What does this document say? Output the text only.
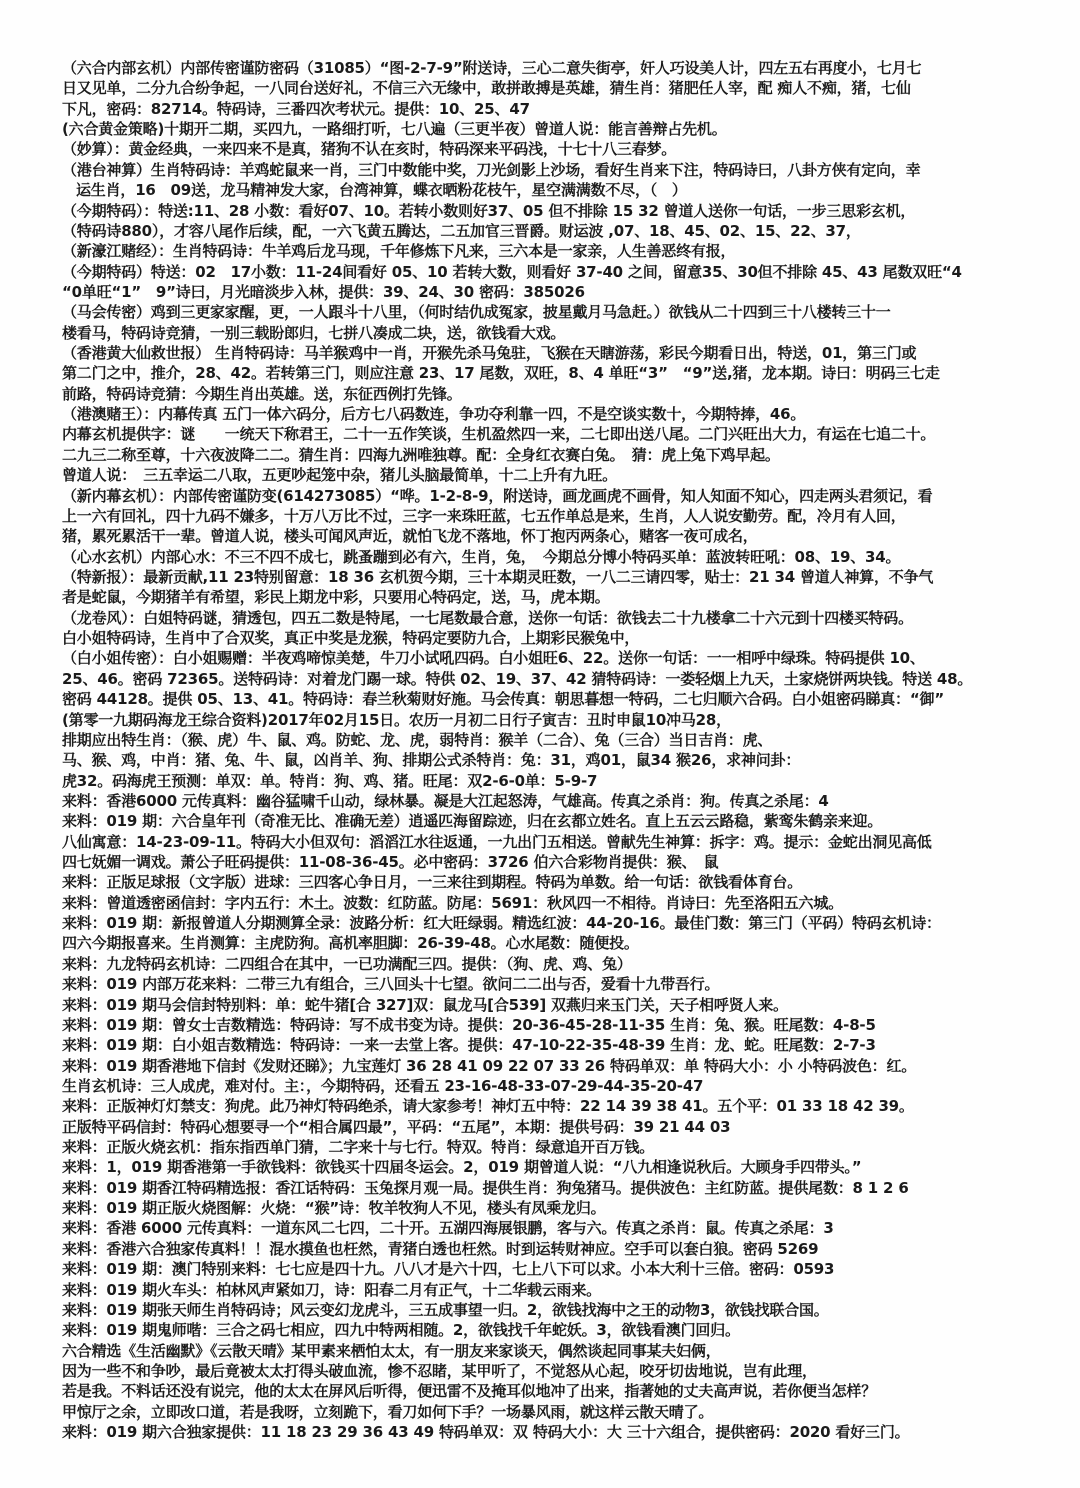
（六合内部玄机）内部传密谨防密码（31085）“图-2-7-9”附送诗，三心二意失街亭，奸人巧设美人计，四左五右再度小，七月七
日又见单，二分九合纷争起，一八同台送好礼，不信三六无缘中，敢拼敢搏是英雄，猜生肖：猪肥任人宰，配 痴人不痴，猪，七仙
下凡，密码：82714。特码诗，三番四次考状元。提供：10、25、47
(六合黄金策略)十期开二期，买四九，一路细打听，七八遍（三更半夜）曾道人说：能言善辩占先机。
（妙算）：黄金经典，一来四来不是真，猪狗不认在亥时，特码深来平码浅，十七十八三春梦。
（港台神算）生肖特码诗：羊鸡蛇鼠来一肖，三门中数能中奖，刀光剑影上沙场，看好生肖来下注，特码诗曰，八卦方侠有定向，幸
运生肖，16　09送，龙马精神发大家，台湾神算，蝶衣晒粉花枝午，星空满满数不尽，（　）
（今期特码）：特送:11、28 小数：看好07、10。若转小数则好37、05 但不排除 15 32 曾道人送你一句话，一步三思彩玄机，
（特码诗880），才容八尾作后续，配，一六飞黄五腾达，二五加官三晋爵。财运波 ,07、18、45、02、15、22、37，
（新濠江赌经）：生肖特码诗：牛羊鸡后龙马现，千年修炼下凡来，三六本是一家亲，人生善恶终有报，
（今期特码）特送：02　17小数：11-24间看好 05、10 若转大数，则看好 37-40 之间，留意35、30但不排除 45、43 尾数双旺“4
“0单旺“1”　9”诗曰，月光暗淡步入林，提供：39、24、30 密码：385026
（马会传密）鸡到三更家家醒，更，一人跟斗十八里，（何时结仇成冤家，披星戴月马急赶。）欲钱从二十四到三十八楼转三十一
楼看马，特码诗竞猜，一别三载盼郎归，七拼八凑成二块，送，欲钱看大戏。
（香港黄大仙救世报） 生肖特码诗：马羊猴鸡中一肖，开猴先杀马兔驻，飞猴在天瞎游荡，彩民今期看日出，特送，01，第三门或
第二门之中，推介，28、42。若转第三门，则应注意 23、17 尾数，双旺，8、4 单旺“3”　“9”送,猪，龙本期。诗曰：明码三七走
前路，特码诗竞猜：今期生肖出英雄。送，东征西例打先锋。
（港澳赌王）：内幕传真 五门一体六码分，后方七八码数连，争功夺利靠一四，不是空谈实数十，今期特捧，46。
内幕玄机提供字：谜　　一统天下称君王，二十一五作笑谈，生机盈然四一来，二七即出送八尾。二门兴旺出大力，有运在七追二十。
二九三二称至尊，十六夜波降二二。猜生肖：四海九洲唯独尊。配：全身红衣赛白兔。　猜：虎上兔下鸡早起。
曾道人说：　三五幸运二八取，五更吵起笼中杂，猪儿头脑最简单，十二上升有九旺。
（新内幕玄机）：内部传密谨防变(614273085）“哗。1-2-8-9，附送诗，画龙画虎不画骨，知人知面不知心，四走两头君须记，看
上一六有回礼，四十九码不嫌多，十万八万比不过，三字一来珠旺蓝，七五作单总是来，生肖，人人说安勤劳。配，冷月有人回，
猪，累死累活干一辈。曾道人说，楼头可闻风声近，就怕飞龙不落地，怀丁抱丙两条心，赌客一夜可成名，
（心水玄机）内部心水：不三不四不成七，跳蚤蹦到必有六，生肖，兔，　今期总分博小特码买单：蓝波转旺吼：08、19、34。
（特新报）：最新贡献,11 23特别留意：18 36 玄机贺今期，三十本期灵旺数，一八二三请四零，贴士：21 34 曾道人神算，不争气
者是蛇鼠，今期猪羊有希望，彩民上期龙中彩，只要用心特码定，送，马，虎本期。
（龙卷风）：白姐特码谜，猜透包，四五二数是特尾，一七尾数最合意，送你一句话：欲钱去二十九楼拿二十六元到十四楼买特码。
白小姐特码诗，生肖中了合双奖，真正中奖是龙猴，特码定要防九合，上期彩民猴兔中，
（白小姐传密）：白小姐赐赠：半夜鸡啼惊美楚，牛刀小试吼四码。白小姐旺6、22。送你一句话：一一相呼中绿珠。特码提供 10、
25、46。密码 72365。送特码诗：对着龙门踢一球。特供 02、19、37、42 猜特码诗：一娄轻烟上九天，土家烧饼两块钱。特送 48。
密码 44128。提供 05、13、41。特码诗：春兰秋菊财好施。马会传真：朝思暮想一特码，二七归顺六合码。白小姐密码睇真：“御”
(第零一九期码海龙王综合资料)2017年02月15日。农历一月初二日行子寅吉：丑时申鼠10冲马28，
排期应出特生肖：（猴、虎）牛、鼠、鸡。防蛇、龙、虎，弱特肖：猴羊（二合）、兔（三合）当日吉肖：虎、
马、猴、鸡，中肖：猪、兔、牛、鼠，凶肖羊、狗、排期公式杀特肖：兔：31，鸡01，鼠34 猴26，求神问卦：
虎32。码海虎王预测：单双：单。特肖：狗、鸡、猪。旺尾：双2-6-0单：5-9-7
来料：香港6000 元传真料：幽谷猛啸千山动，绿林暴。凝是大江起怒涛，气雄高。传真之杀肖：狗。传真之杀尾：4
来料：019 期：六合皇年刊（奇准无比、准确无差）逍遥匹海留踪迹，归在玄都立姓名。直上五云云路稳，紫鸾朱鹤亲来迎。
八仙寓意：14-23-09-11。特码大小但双句：滔滔江水往返通，一九出门五相送。曾献先生神算：拆字：鸡。提示：金蛇出洞见高低
四七妩媚一调戏。萧公子旺码提供：11-08-36-45。必中密码：3726 伯六合彩物肖提供：猴、　鼠
来料：正版足球报（文字版）进球：三四客心争日月，一三来往到期程。特码为单数。给一句话：欲钱看体育台。
来料：曾道透密函信封：字内五行：木土。波数：红防蓝。防尾：5691：秋风四一不相待。肖诗曰：先至洛阳五六城。
来料：019 期：新报曾道人分期测算全录：波路分析：红大旺绿弱。精选红波：44-20-16。最佳门数：第三门（平码）特码玄机诗：
四六今期报喜来。生肖测算：主虎防狗。高机率胆脚：26-39-48。心水尾数：随便投。
来料：九龙特码玄机诗：二四组合在其中，一已功满配三四。提供：（狗、虎、鸡、兔）
来料：019 内部万花来料：二带三九有组合，三八回头十七望。欲问二二出与否，爱看十九带吾行。
来料：019 期马会信封特别料：单：蛇牛猪[合 327]双：鼠龙马[合539] 双燕归来玉门关，天子相呼贤人来。
来料：019 期：曾女士吉数精选：特码诗：写不成书变为诗。提供：20-36-45-28-11-35 生肖：兔、猴。旺尾数：4-8-5
来料：019 期：白小姐吉数精选：特码诗：一来一去堂上客。提供：47-10-22-35-48-39 生肖：龙、蛇。旺尾数：2-7-3
来料：019 期香港地下信封《发财还睇》；九宝莲灯 36 28 41 09 22 07 33 26 特码单双：单 特码大小：小 小特码波色：红。
生肖玄机诗：三人成虎，难对付。主：，今期特码，还看五 23-16-48-33-07-29-44-35-20-47
来料：正版神灯灯禁支：狗虎。此乃神灯特码绝杀，请大家参考！神灯五中特：22 14 39 38 41。五个平：01 33 18 42 39。
正版特平码信封：特码心想要寻一个“相合属四最”，平码：“五尾”，本期：提供号码：39 21 44 03
来料：正版火烧玄机：指东指西单门猜，二字来十与七行。特双。特肖：绿意追开百万钱。
来料：1，019 期香港第一手欲钱料：欲钱买十四届冬运会。2，019 期曾道人说：“八九相逢说秋后。大顾身手四带头。”
来料：019 期香江特码精选报：香江话特码：玉兔探月观一局。提供生肖：狗兔猪马。提供波色：主红防蓝。提供尾数：8 1 2 6
来料：019 期正版火烧图解：火烧：“猴”诗：牧羊牧狗人不见，楼头有凤乘龙归。
来料：香港 6000 元传真料：一道东风二七四，二十开。五湖四海展银鹏，客与六。传真之杀肖：鼠。传真之杀尾：3
来料：香港六合独家传真料！！混水摸鱼也枉然，青猪白透也枉然。时到运转财神应。空手可以套白狼。密码 5269
来料：019 期：澳门特别来料：七七应是四十九。八八才是六十四，七上八下可以求。小本大利十三倍。密码：0593
来料：019 期火车头：柏林风声紧如刀，诗：阳春二月有正气，十二华载云雨来。
来料：019 期张天师生肖特码诗；风云变幻龙虎斗，三五成事望一归。2，欲钱找海中之王的动物3，欲钱找联合国。
来料：019 期鬼师喈：三合之码七相应，四九中特两相随。2，欲钱找千年蛇妖。3，欲钱看澳门回归。
六合精选《生活幽默》《云散天晴》某甲素来栖怕太太，有一朋友来家谈天，偶然谈起同事某夫妇俩，
因为一些不和争吵，最后竟被太太打得头破血流，惨不忍睹，某甲听了，不觉怒从心起，咬牙切齿地说，岂有此理，
若是我。不料话还没有说完，他的太太在屏风后听得，便迅雷不及掩耳似地冲了出来，指著她的丈夫高声说，若你便当怎样？
甲惊厅之余，立即改口道，若是我呀，立刻跪下，看刀如何下手？一场暴风雨，就这样云散天晴了。
来料：019 期六合独家提供：11 18 23 29 36 43 49 特码单双：双 特码大小：大 三十六组合，提供密码：2020 看好三门。
